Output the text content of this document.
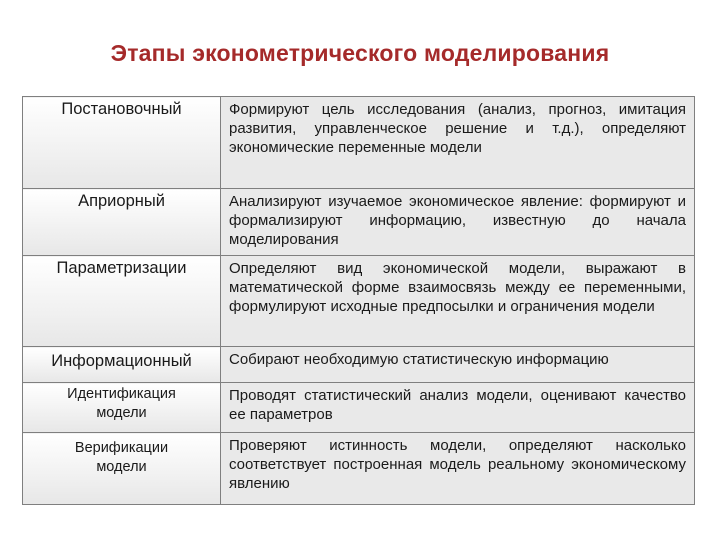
Этапы эконометрического моделирования
Постановочный	Формируют цель исследования (анализ, прогноз, имитация развития, управленческое решение и т.д.), определяют экономические переменные модели
Априорный	Анализируют изучаемое экономическое явление: формируют и формализируют информацию, известную до начала моделирования
Параметризации	Определяют вид экономической модели, выражают в математической форме взаимосвязь между ее переменными, формулируют исходные предпосылки и ограничения модели
Информационный	Собирают необходимую статистическую информацию
Идентификация модели	Проводят статистический анализ модели, оценивают качество ее параметров
Верификации модели	Проверяют истинность модели, определяют насколько соответствует построенная модель реальному экономическому явлению
